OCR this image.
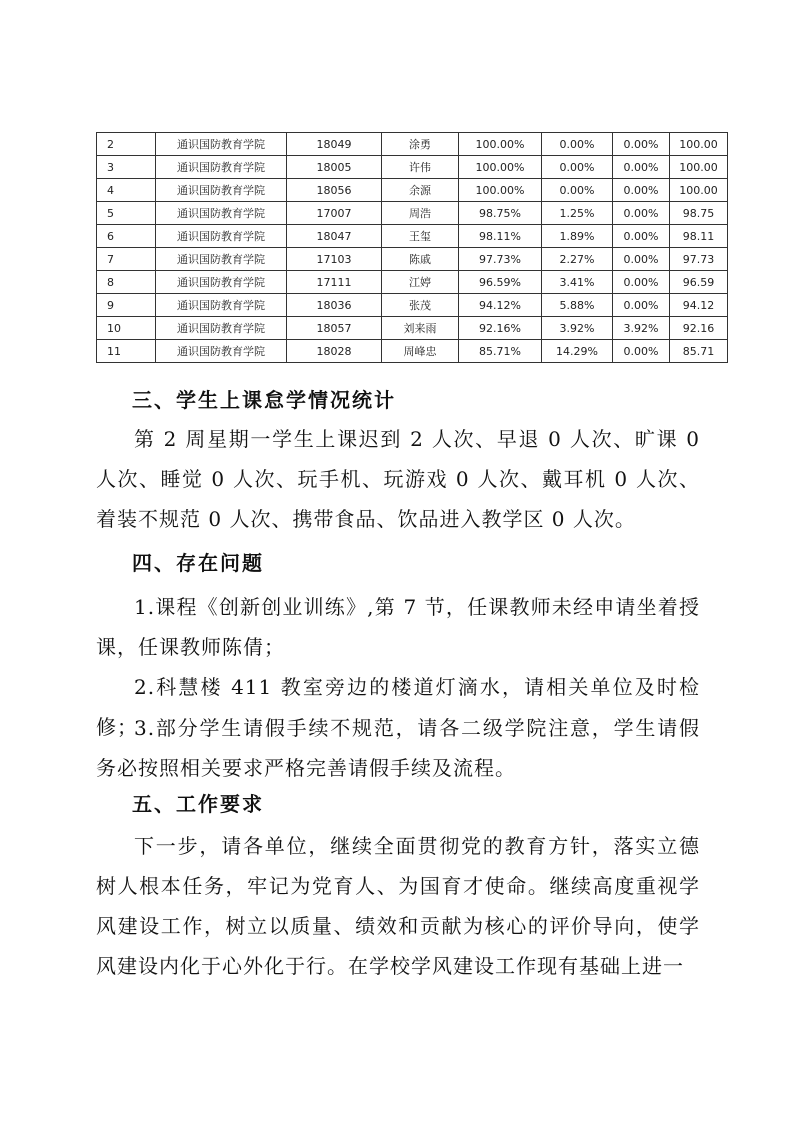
2	通识国防教育学院	18049	涂勇	100.00%	0.00%	0.00%	100.00
3	通识国防教育学院	18005	许伟	100.00%	0.00%	0.00%	100.00
4	通识国防教育学院	18056	余源	100.00%	0.00%	0.00%	100.00
5	通识国防教育学院	17007	周浩	98.75%	1.25%	0.00%	98.75
6	通识国防教育学院	18047	王玺	98.11%	1.89%	0.00%	98.11
7	通识国防教育学院	17103	陈戚	97.73%	2.27%	0.00%	97.73
8	通识国防教育学院	17111	江婷	96.59%	3.41%	0.00%	96.59
9	通识国防教育学院	18036	张茂	94.12%	5.88%	0.00%	94.12
10	通识国防教育学院	18057	刘来雨	92.16%	3.92%	3.92%	92.16
11	通识国防教育学院	18028	周峰忠	85.71%	14.29%	0.00%	85.71
三、学生上课怠学情况统计
第 2 周星期一学生上课迟到 2 人次、早退 0 人次、旷课 0 人次、睡觉 0 人次、玩手机、玩游戏 0 人次、戴耳机 0 人次、着装不规范 0 人次、携带食品、饮品进入教学区 0 人次。
四、存在问题
1.课程《创新创业训练》,第 7 节，任课教师未经申请坐着授课，任课教师陈倩；
2.科慧楼 411 教室旁边的楼道灯滴水，请相关单位及时检修；
3.部分学生请假手续不规范，请各二级学院注意，学生请假务必按照相关要求严格完善请假手续及流程。
五、工作要求
下一步，请各单位，继续全面贯彻党的教育方针，落实立德树人根本任务，牢记为党育人、为国育才使命。继续高度重视学风建设工作，树立以质量、绩效和贡献为核心的评价导向，使学风建设内化于心外化于行。在学校学风建设工作现有基础上进一
